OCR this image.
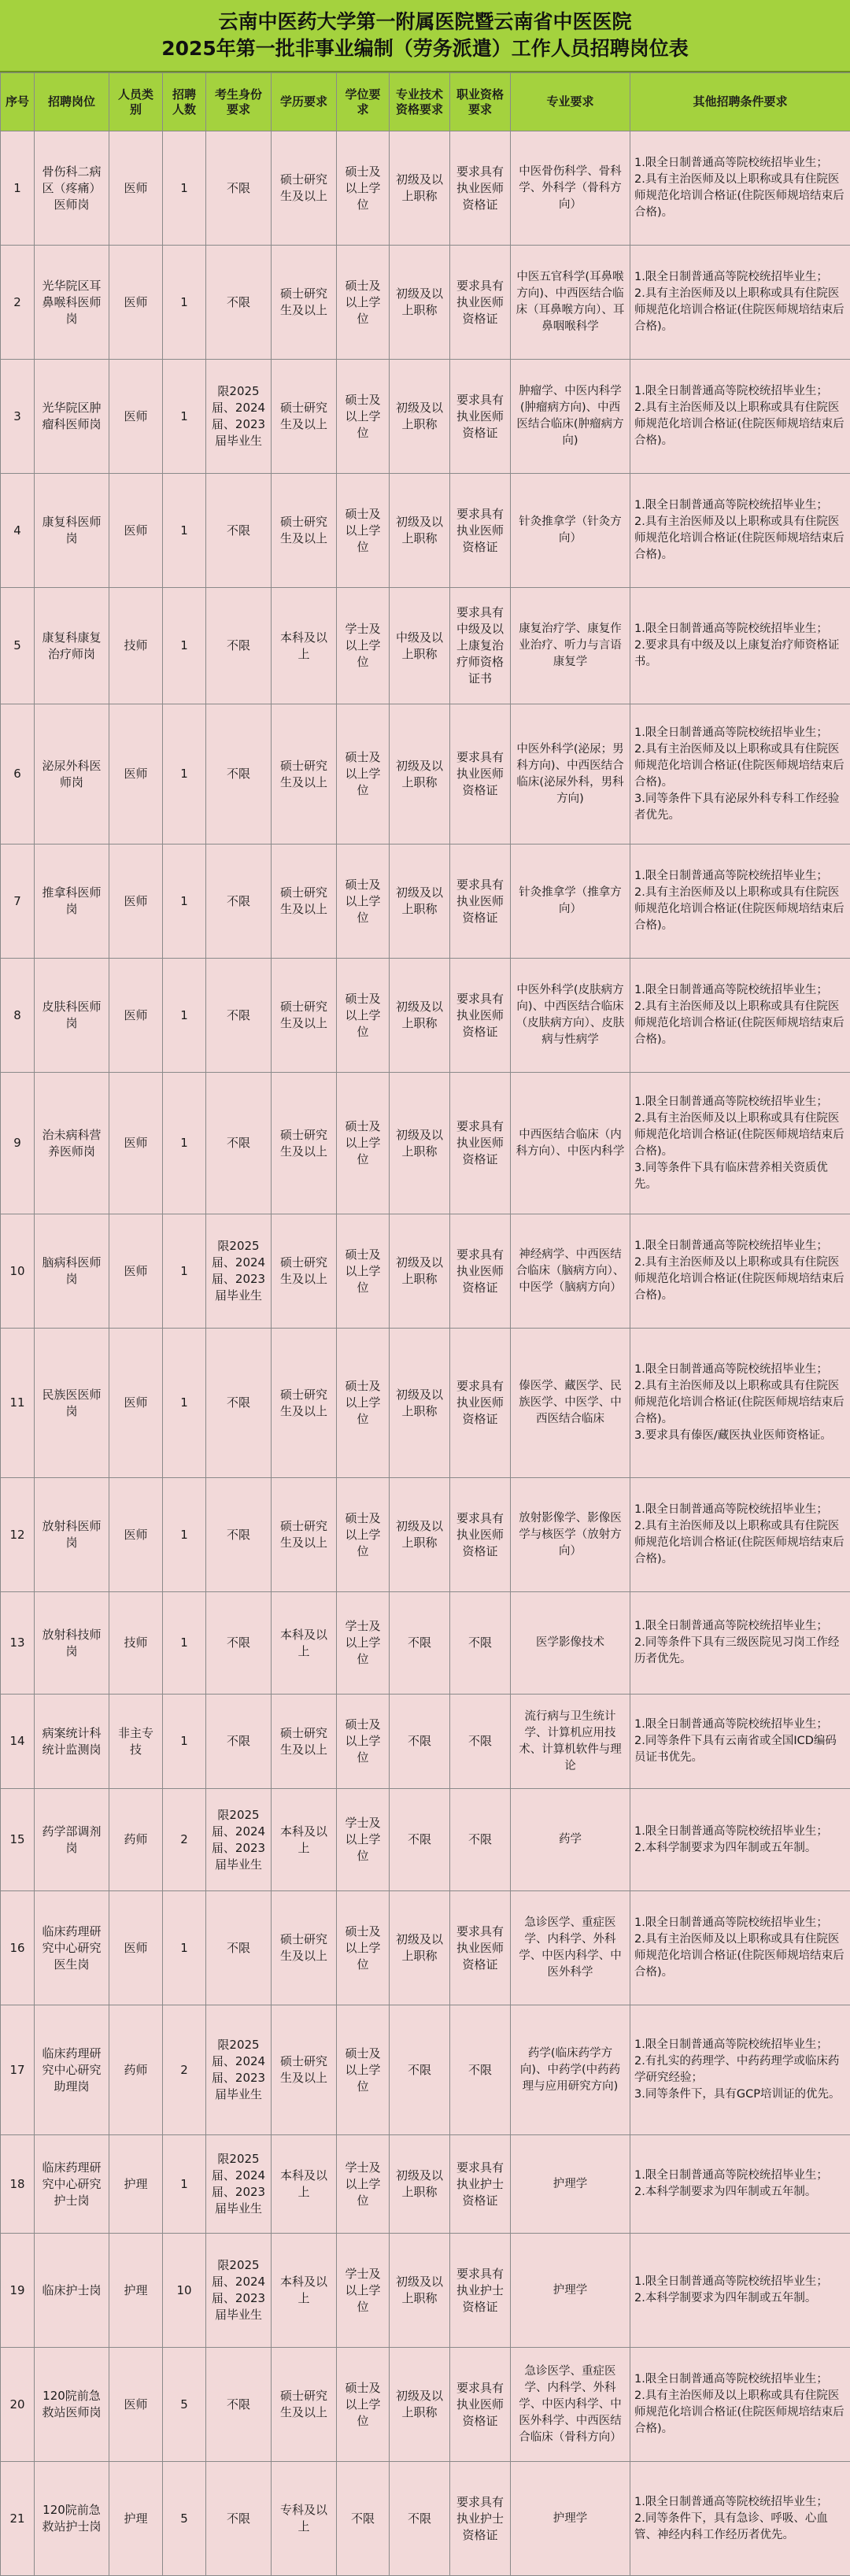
云南中医药大学第一附属医院暨云南省中医医院
2025年第一批非事业编制（劳务派遣）工作人员招聘岗位表
序号	招聘岗位	人员类别	招聘人数	考生身份要求	学历要求	学位要求	专业技术资格要求	职业资格要求	专业要求	其他招聘条件要求
1	骨伤科二病区（疼痛）医师岗	医师	1	不限	硕士研究生及以上	硕士及以上学位	初级及以上职称	要求具有执业医师资格证	中医骨伤科学、骨科学、外科学（骨科方向）	1.限全日制普通高等院校统招毕业生；
2.具有主治医师及以上职称或具有住院医师规范化培训合格证(住院医师规培结束后合格)。

2	光华院区耳鼻喉科医师岗	医师	1	不限	硕士研究生及以上	硕士及以上学位	初级及以上职称	要求具有执业医师资格证	中医五官科学(耳鼻喉方向)、中西医结合临床（耳鼻喉方向）、耳鼻咽喉科学	1.限全日制普通高等院校统招毕业生；
2.具有主治医师及以上职称或具有住院医师规范化培训合格证(住院医师规培结束后合格)。

3	光华院区肿瘤科医师岗	医师	1	限2025届、2024届、2023届毕业生	硕士研究生及以上	硕士及以上学位	初级及以上职称	要求具有执业医师资格证	肿瘤学、中医内科学(肿瘤病方向)、中西医结合临床(肿瘤病方向)	1.限全日制普通高等院校统招毕业生；
2.具有主治医师及以上职称或具有住院医师规范化培训合格证(住院医师规培结束后合格)。

4	康复科医师岗	医师	1	不限	硕士研究生及以上	硕士及以上学位	初级及以上职称	要求具有执业医师资格证	针灸推拿学（针灸方向）	1.限全日制普通高等院校统招毕业生；
2.具有主治医师及以上职称或具有住院医师规范化培训合格证(住院医师规培结束后合格)。

5	康复科康复治疗师岗	技师	1	不限	本科及以上	学士及以上学位	中级及以上职称	要求具有中级及以上康复治疗师资格证书	康复治疗学、康复作业治疗、听力与言语康复学	1.限全日制普通高等院校统招毕业生；
2.要求具有中级及以上康复治疗师资格证书。

6	泌尿外科医师岗	医师	1	不限	硕士研究生及以上	硕士及以上学位	初级及以上职称	要求具有执业医师资格证	中医外科学(泌尿；男科方向)、中西医结合临床(泌尿外科，男科方向)	1.限全日制普通高等院校统招毕业生；
2.具有主治医师及以上职称或具有住院医师规范化培训合格证(住院医师规培结束后合格)。
3.同等条件下具有泌尿外科专科工作经验者优先。

7	推拿科医师岗	医师	1	不限	硕士研究生及以上	硕士及以上学位	初级及以上职称	要求具有执业医师资格证	针灸推拿学（推拿方向）	1.限全日制普通高等院校统招毕业生；
2.具有主治医师及以上职称或具有住院医师规范化培训合格证(住院医师规培结束后合格)。

8	皮肤科医师岗	医师	1	不限	硕士研究生及以上	硕士及以上学位	初级及以上职称	要求具有执业医师资格证	中医外科学(皮肤病方向)、中西医结合临床（皮肤病方向）、皮肤病与性病学	1.限全日制普通高等院校统招毕业生；
2.具有主治医师及以上职称或具有住院医师规范化培训合格证(住院医师规培结束后合格)。

9	治未病科营养医师岗	医师	1	不限	硕士研究生及以上	硕士及以上学位	初级及以上职称	要求具有执业医师资格证	中西医结合临床（内科方向）、中医内科学	1.限全日制普通高等院校统招毕业生；
2.具有主治医师及以上职称或具有住院医师规范化培训合格证(住院医师规培结束后合格)。
3.同等条件下具有临床营养相关资质优先。

10	脑病科医师岗	医师	1	限2025届、2024届、2023届毕业生	硕士研究生及以上	硕士及以上学位	初级及以上职称	要求具有执业医师资格证	神经病学、中西医结合临床（脑病方向）、中医学（脑病方向）	1.限全日制普通高等院校统招毕业生；
2.具有主治医师及以上职称或具有住院医师规范化培训合格证(住院医师规培结束后合格)。

11	民族医医师岗	医师	1	不限	硕士研究生及以上	硕士及以上学位	初级及以上职称	要求具有执业医师资格证	傣医学、藏医学、民族医学、中医学、中西医结合临床	1.限全日制普通高等院校统招毕业生；
2.具有主治医师及以上职称或具有住院医师规范化培训合格证(住院医师规培结束后合格)。
3.要求具有傣医/藏医执业医师资格证。

12	放射科医师岗	医师	1	不限	硕士研究生及以上	硕士及以上学位	初级及以上职称	要求具有执业医师资格证	放射影像学、影像医学与核医学（放射方向）	1.限全日制普通高等院校统招毕业生；
2.具有主治医师及以上职称或具有住院医师规范化培训合格证(住院医师规培结束后合格)。

13	放射科技师岗	技师	1	不限	本科及以上	学士及以上学位	不限	不限	医学影像技术	1.限全日制普通高等院校统招毕业生；
2.同等条件下具有三级医院见习岗工作经历者优先。

14	病案统计科统计监测岗	非主专技	1	不限	硕士研究生及以上	硕士及以上学位	不限	不限	流行病与卫生统计学、计算机应用技术、计算机软件与理论	1.限全日制普通高等院校统招毕业生；
2.同等条件下具有云南省或全国ICD编码员证书优先。

15	药学部调剂岗	药师	2	限2025届、2024届、2023届毕业生	本科及以上	学士及以上学位	不限	不限	药学	1.限全日制普通高等院校统招毕业生；
2.本科学制要求为四年制或五年制。

16	临床药理研究中心研究医生岗	医师	1	不限	硕士研究生及以上	硕士及以上学位	初级及以上职称	要求具有执业医师资格证	急诊医学、重症医学、内科学、外科学、中医内科学、中医外科学	1.限全日制普通高等院校统招毕业生；
2.具有主治医师及以上职称或具有住院医师规范化培训合格证(住院医师规培结束后合格)。

17	临床药理研究中心研究助理岗	药师	2	限2025届、2024届、2023届毕业生	硕士研究生及以上	硕士及以上学位	不限	不限	药学(临床药学方向)、中药学(中药药理与应用研究方向)	1.限全日制普通高等院校统招毕业生；
2.有扎实的药理学、中药药理学或临床药学研究经验；
3.同等条件下，具有GCP培训证的优先。

18	临床药理研究中心研究护士岗	护理	1	限2025届、2024届、2023届毕业生	本科及以上	学士及以上学位	初级及以上职称	要求具有执业护士资格证	护理学	1.限全日制普通高等院校统招毕业生；
2.本科学制要求为四年制或五年制。

19	临床护士岗	护理	10	限2025届、2024届、2023届毕业生	本科及以上	学士及以上学位	初级及以上职称	要求具有执业护士资格证	护理学	1.限全日制普通高等院校统招毕业生；
2.本科学制要求为四年制或五年制。

20	120院前急救站医师岗	医师	5	不限	硕士研究生及以上	硕士及以上学位	初级及以上职称	要求具有执业医师资格证	急诊医学、重症医学、内科学、外科学、中医内科学、中医外科学、中西医结合临床（骨科方向）	1.限全日制普通高等院校统招毕业生；
2.具有主治医师及以上职称或具有住院医师规范化培训合格证(住院医师规培结束后合格)。

21	120院前急救站护士岗	护理	5	不限	专科及以上	不限	不限	要求具有执业护士资格证	护理学	1.限全日制普通高等院校统招毕业生；
2.同等条件下，具有急诊、呼吸、心血管、神经内科工作经历者优先。
